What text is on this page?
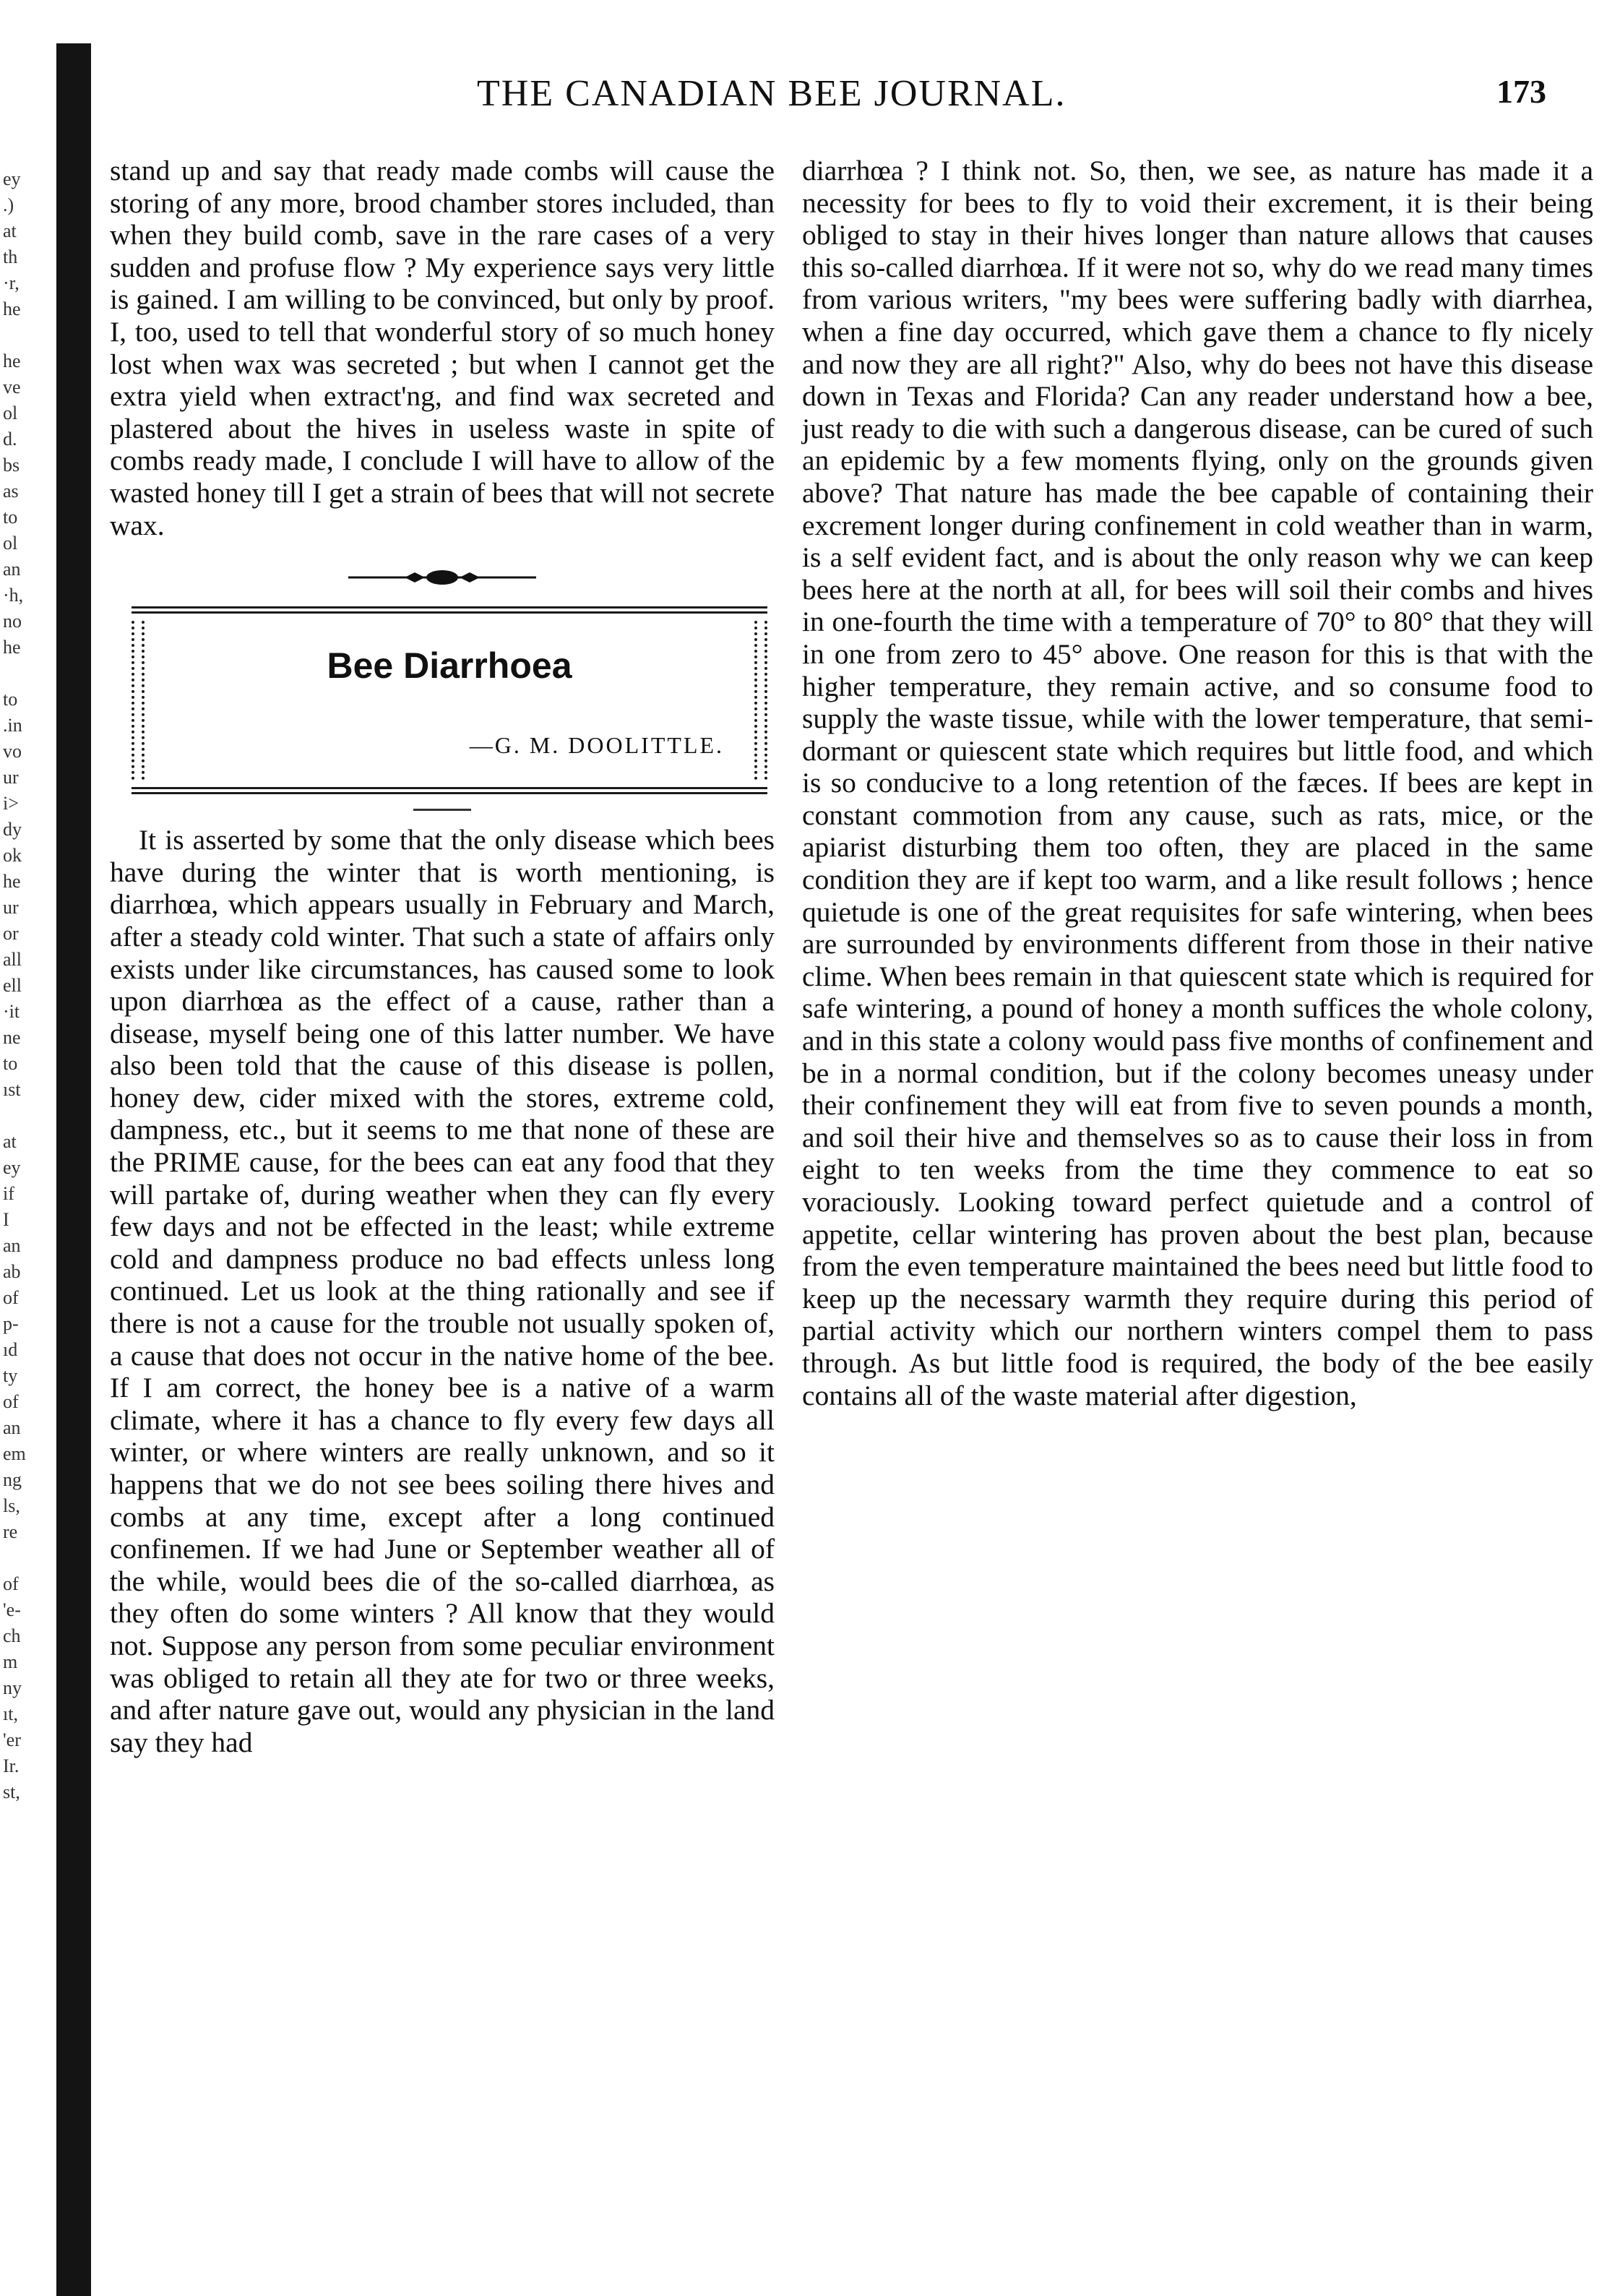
ey
.)
at
th
·r,
he
he
ve
ol
d.
bs
as
to
ol
an
·h,
no
he
to
.in
vo
ur
i>
dy
ok
he
ur
or
all
ell
·it
ne
to
ıst
at
ey
if
I
an
ab
of
p-
ıd
ty
of
an
em
ng
ls,
re
of
'e-
ch
m
ny
ıt,
'er
Ir.
st,
THE CANADIAN BEE JOURNAL.	173

stand up and say that ready made combs will cause the storing of any more, brood chamber stores included, than when they build comb, save in the rare cases of a very sudden and profuse flow ? My experience says very little is gained. I am willing to be convinced, but only by proof. I, too, used to tell that wonderful story of so much honey lost when wax was secreted ; but when I cannot get the extra yield when extract'ng, and find wax secreted and plastered about the hives in useless waste in spite of combs ready made, I conclude I will have to allow of the wasted honey till I get a strain of bees that will not secrete wax.

Bee Diarrhoea
—G. M. DOOLITTLE.

It is asserted by some that the only disease which bees have during the winter that is worth mentioning, is diarrhœa, which appears usually in February and March, after a steady cold winter. That such a state of affairs only exists under like circumstances, has caused some to look upon diarrhœa as the effect of a cause, rather than a disease, myself being one of this latter number. We have also been told that the cause of this disease is pollen, honey dew, cider mixed with the stores, extreme cold, dampness, etc., but it seems to me that none of these are the PRIME cause, for the bees can eat any food that they will partake of, during weather when they can fly every few days and not be effected in the least; while extreme cold and dampness produce no bad effects unless long continued. Let us look at the thing rationally and see if there is not a cause for the trouble not usually spoken of, a cause that does not occur in the native home of the bee. If I am correct, the honey bee is a native of a warm climate, where it has a chance to fly every few days all winter, or where winters are really unknown, and so it happens that we do not see bees soiling there hives and combs at any time, except after a long continued confinemen. If we had June or September weather all of the while, would bees die of the so-called diarrhœa, as they often do some winters ? All know that they would not. Suppose any person from some peculiar environment was obliged to retain all they ate for two or three weeks, and after nature gave out, would any physician in the land say they had

diarrhœa ? I think not. So, then, we see, as nature has made it a necessity for bees to fly to void their excrement, it is their being obliged to stay in their hives longer than nature allows that causes this so-called diarrhœa. If it were not so, why do we read many times from various writers, "my bees were suffering badly with diarrhea, when a fine day occurred, which gave them a chance to fly nicely and now they are all right?" Also, why do bees not have this disease down in Texas and Florida? Can any reader understand how a bee, just ready to die with such a dangerous disease, can be cured of such an epidemic by a few moments flying, only on the grounds given above? That nature has made the bee capable of containing their excrement longer during confinement in cold weather than in warm, is a self evident fact, and is about the only reason why we can keep bees here at the north at all, for bees will soil their combs and hives in one-fourth the time with a temperature of 70° to 80° that they will in one from zero to 45° above. One reason for this is that with the higher temperature, they remain active, and so consume food to supply the waste tissue, while with the lower temperature, that semi-dormant or quiescent state which requires but little food, and which is so conducive to a long retention of the fæces. If bees are kept in constant commotion from any cause, such as rats, mice, or the apiarist disturbing them too often, they are placed in the same condition they are if kept too warm, and a like result follows ; hence quietude is one of the great requisites for safe wintering, when bees are surrounded by environments different from those in their native clime. When bees remain in that quiescent state which is required for safe wintering, a pound of honey a month suffices the whole colony, and in this state a colony would pass five months of confinement and be in a normal condition, but if the colony becomes uneasy under their confinement they will eat from five to seven pounds a month, and soil their hive and themselves so as to cause their loss in from eight to ten weeks from the time they commence to eat so voraciously. Looking toward perfect quietude and a control of appetite, cellar wintering has proven about the best plan, because from the even temperature maintained the bees need but little food to keep up the necessary warmth they require during this period of partial activity which our northern winters compel them to pass through. As but little food is required, the body of the bee easily contains all of the waste material after digestion,
